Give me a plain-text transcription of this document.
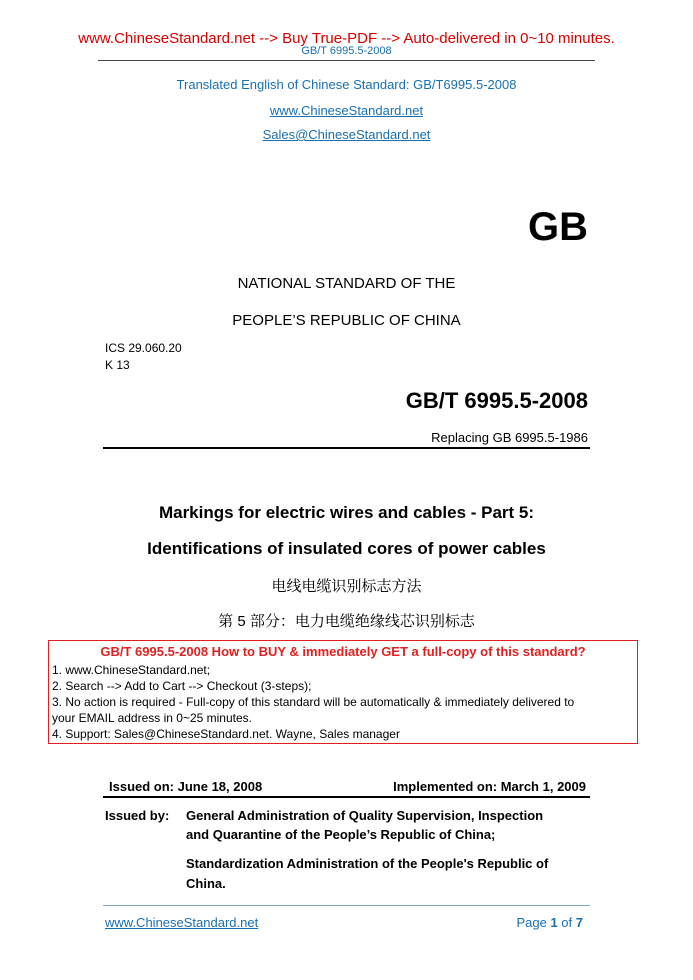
www.ChineseStandard.net --> Buy True-PDF --> Auto-delivered in 0~10 minutes.
GB/T 6995.5-2008
Translated English of Chinese Standard: GB/T6995.5-2008
www.ChineseStandard.net
Sales@ChineseStandard.net
GB
NATIONAL STANDARD OF THE
PEOPLE’S REPUBLIC OF CHINA
ICS 29.060.20
K 13
GB/T 6995.5-2008
Replacing GB 6995.5-1986
Markings for electric wires and cables - Part 5:
Identifications of insulated cores of power cables
电线电缆识别标志方法
第 5 部分：电力电缆绝缘线芯识别标志
GB/T 6995.5-2008 How to BUY & immediately GET a full-copy of this standard?
1. www.ChineseStandard.net;
2. Search --> Add to Cart --> Checkout (3-steps);
3. No action is required - Full-copy of this standard will be automatically & immediately delivered to
your EMAIL address in 0~25 minutes.
4. Support: Sales@ChineseStandard.net. Wayne, Sales manager
Issued on: June 18, 2008	Implemented on: March 1, 2009
Issued by: General Administration of Quality Supervision, Inspection
and Quarantine of the People’s Republic of China;
Standardization Administration of the People's Republic of
China.
www.ChineseStandard.net	Page 1 of 7
